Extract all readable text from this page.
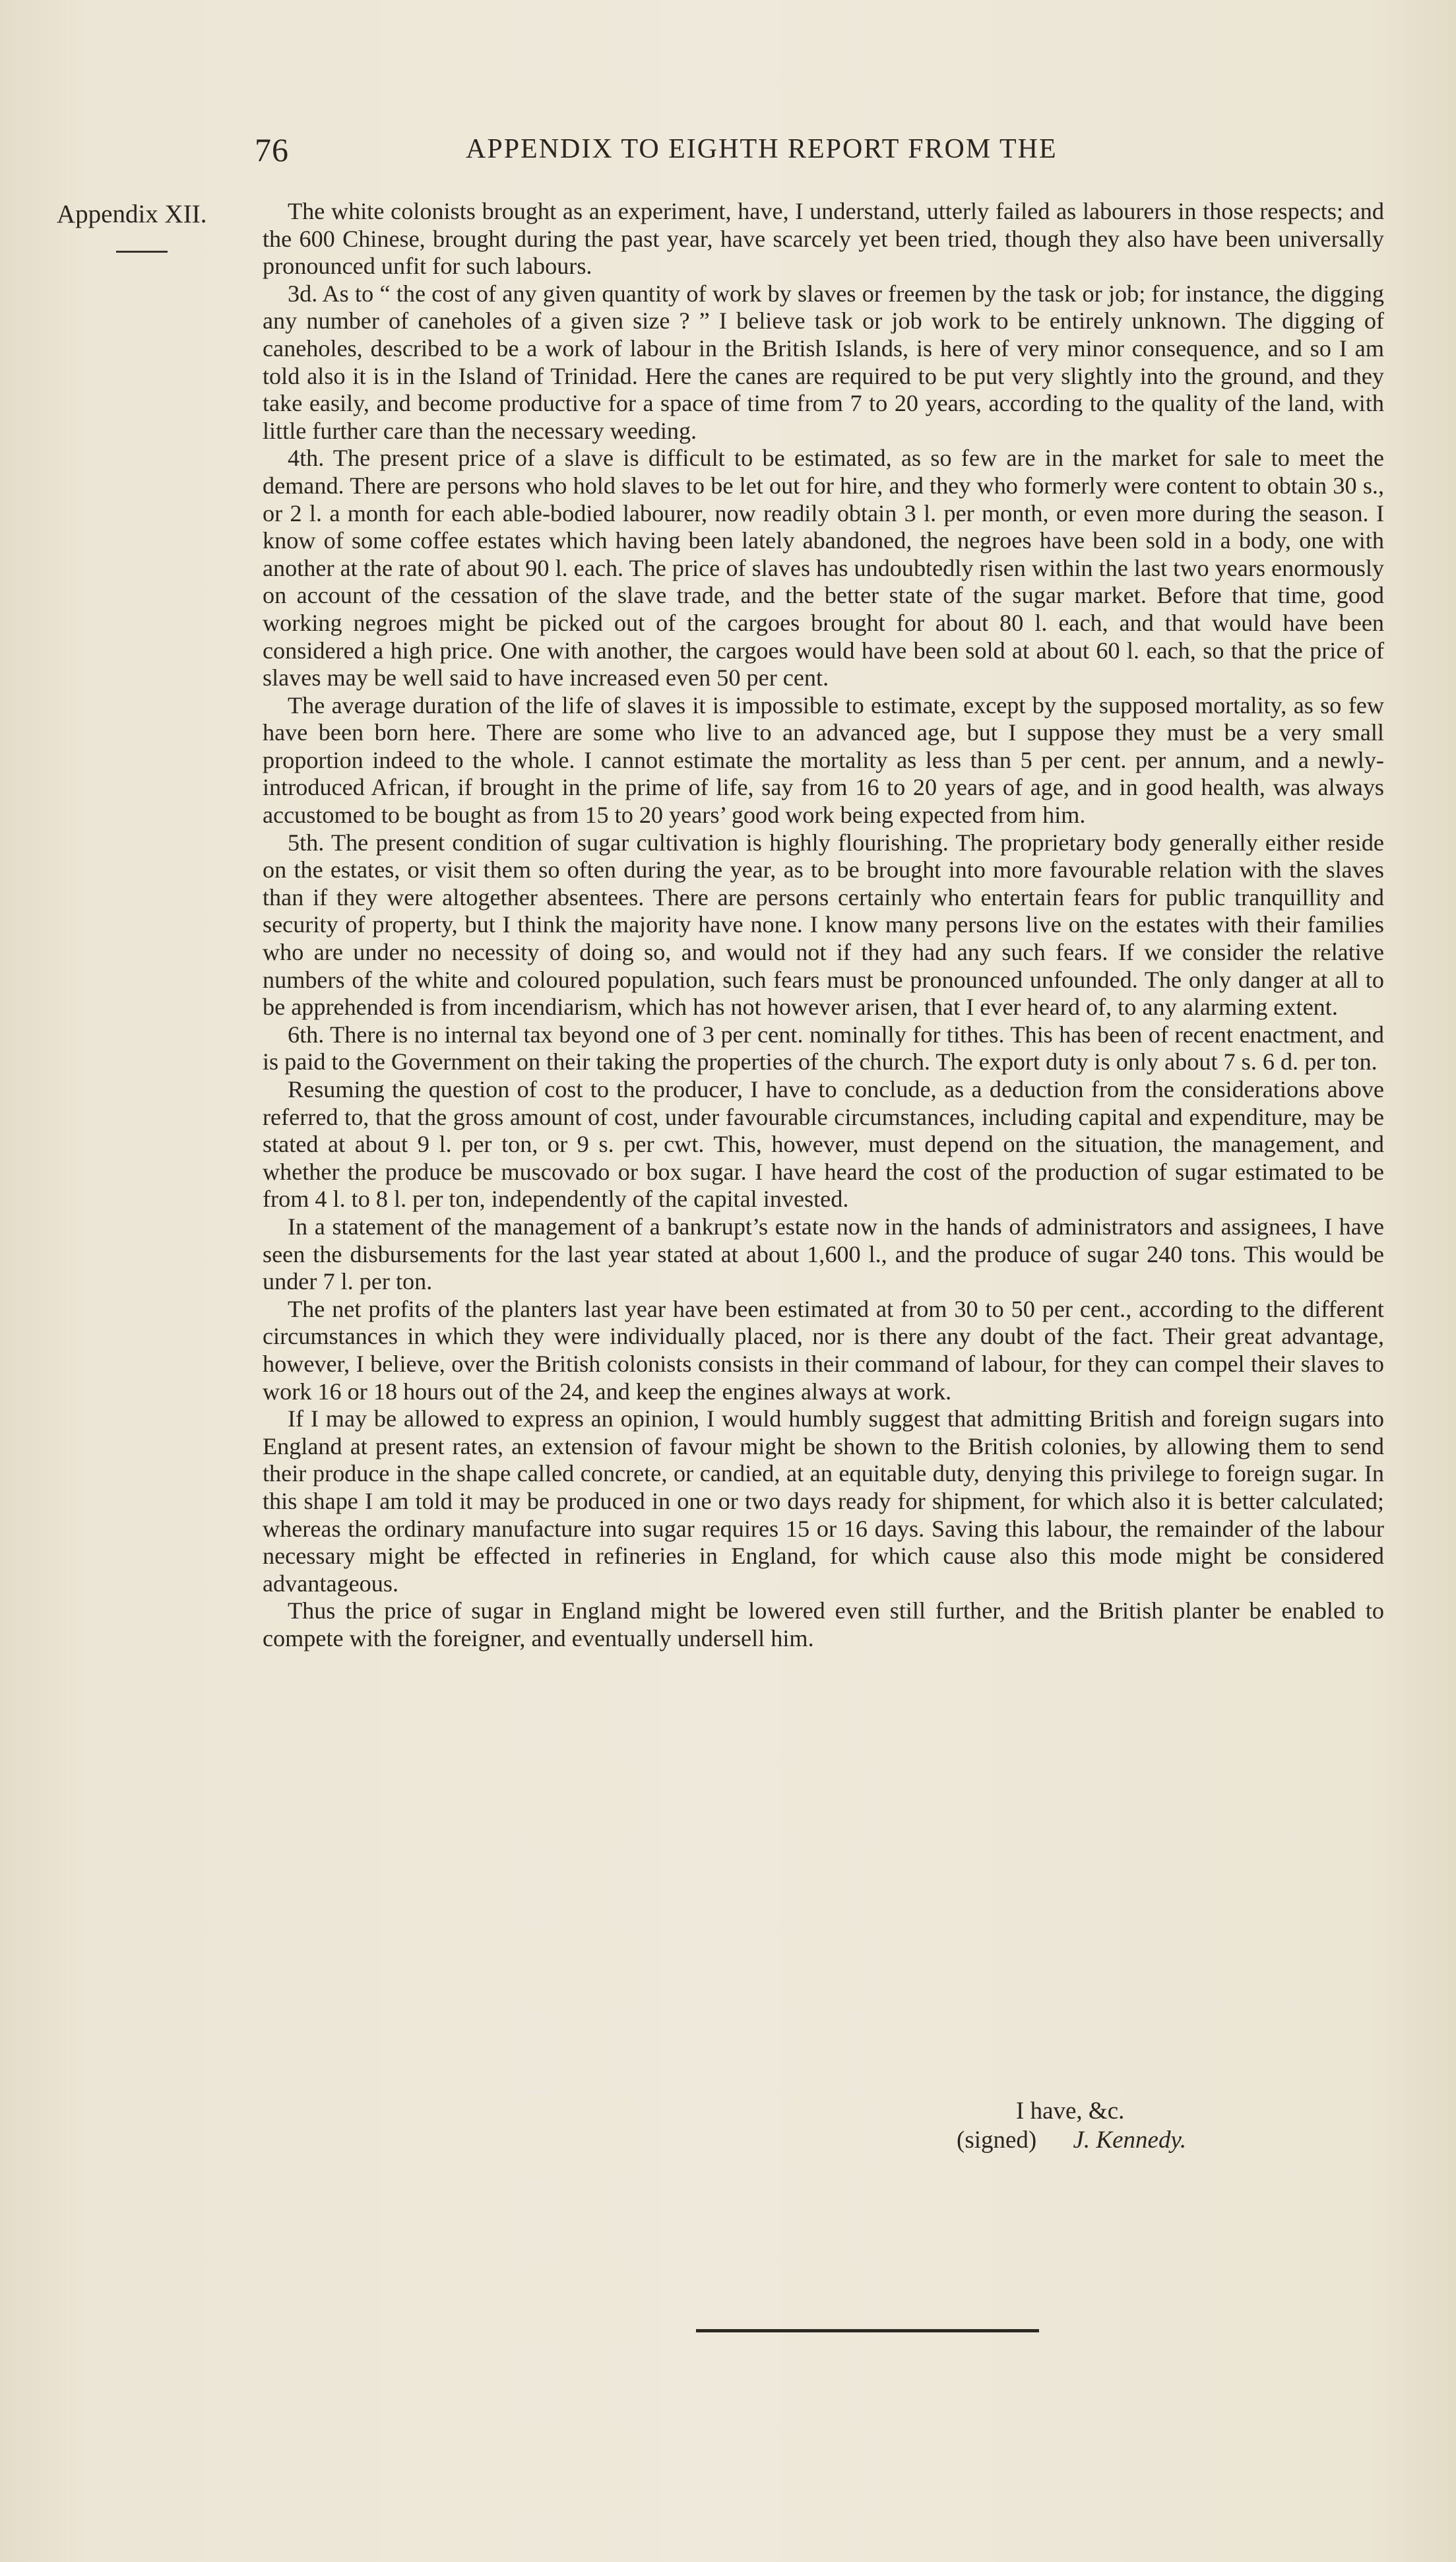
76	APPENDIX TO EIGHTH REPORT FROM THE
Appendix XII.	The white colonists brought as an experiment, have, I understand, utterly failed as labourers in those respects; and the 600 Chinese, brought during the past year, have scarcely yet been tried, though they also have been universally pronounced unfit for such labours.

3d. As to “ the cost of any given quantity of work by slaves or freemen by the task or job; for instance, the digging any number of caneholes of a given size ? ” I believe task or job work to be entirely unknown. The digging of caneholes, described to be a work of labour in the British Islands, is here of very minor consequence, and so I am told also it is in the Island of Trinidad. Here the canes are required to be put very slightly into the ground, and they take easily, and become productive for a space of time from 7 to 20 years, according to the quality of the land, with little further care than the necessary weeding.

4th. The present price of a slave is difficult to be estimated, as so few are in the market for sale to meet the demand. There are persons who hold slaves to be let out for hire, and they who formerly were content to obtain 30 s., or 2 l. a month for each able-bodied labourer, now readily obtain 3 l. per month, or even more during the season. I know of some coffee estates which having been lately abandoned, the negroes have been sold in a body, one with another at the rate of about 90 l. each. The price of slaves has undoubtedly risen within the last two years enormously on account of the cessation of the slave trade, and the better state of the sugar market. Before that time, good working negroes might be picked out of the cargoes brought for about 80 l. each, and that would have been considered a high price. One with another, the cargoes would have been sold at about 60 l. each, so that the price of slaves may be well said to have increased even 50 per cent.

The average duration of the life of slaves it is impossible to estimate, except by the supposed mortality, as so few have been born here. There are some who live to an advanced age, but I suppose they must be a very small proportion indeed to the whole. I cannot estimate the mortality as less than 5 per cent. per annum, and a newly-introduced African, if brought in the prime of life, say from 16 to 20 years of age, and in good health, was always accustomed to be bought as from 15 to 20 years’ good work being expected from him.

5th. The present condition of sugar cultivation is highly flourishing. The proprietary body generally either reside on the estates, or visit them so often during the year, as to be brought into more favourable relation with the slaves than if they were altogether absentees. There are persons certainly who entertain fears for public tranquillity and security of property, but I think the majority have none. I know many persons live on the estates with their families who are under no necessity of doing so, and would not if they had any such fears. If we consider the relative numbers of the white and coloured population, such fears must be pronounced unfounded. The only danger at all to be apprehended is from incendiarism, which has not however arisen, that I ever heard of, to any alarming extent.

6th. There is no internal tax beyond one of 3 per cent. nominally for tithes. This has been of recent enactment, and is paid to the Government on their taking the properties of the church. The export duty is only about 7 s. 6 d. per ton.

Resuming the question of cost to the producer, I have to conclude, as a deduction from the considerations above referred to, that the gross amount of cost, under favourable circumstances, including capital and expenditure, may be stated at about 9 l. per ton, or 9 s. per cwt. This, however, must depend on the situation, the management, and whether the produce be muscovado or box sugar. I have heard the cost of the production of sugar estimated to be from 4 l. to 8 l. per ton, independently of the capital invested.

In a statement of the management of a bankrupt’s estate now in the hands of administrators and assignees, I have seen the disbursements for the last year stated at about 1,600 l., and the produce of sugar 240 tons. This would be under 7 l. per ton.

The net profits of the planters last year have been estimated at from 30 to 50 per cent., according to the different circumstances in which they were individually placed, nor is there any doubt of the fact. Their great advantage, however, I believe, over the British colonists consists in their command of labour, for they can compel their slaves to work 16 or 18 hours out of the 24, and keep the engines always at work.

If I may be allowed to express an opinion, I would humbly suggest that admitting British and foreign sugars into England at present rates, an extension of favour might be shown to the British colonies, by allowing them to send their produce in the shape called concrete, or candied, at an equitable duty, denying this privilege to foreign sugar. In this shape I am told it may be produced in one or two days ready for shipment, for which also it is better calculated; whereas the ordinary manufacture into sugar requires 15 or 16 days. Saving this labour, the remainder of the labour necessary might be effected in refineries in England, for which cause also this mode might be considered advantageous.

Thus the price of sugar in England might be lowered even still further, and the British planter be enabled to compete with the foreigner, and eventually undersell him.

I have, &c.
(signed) J. Kennedy.
